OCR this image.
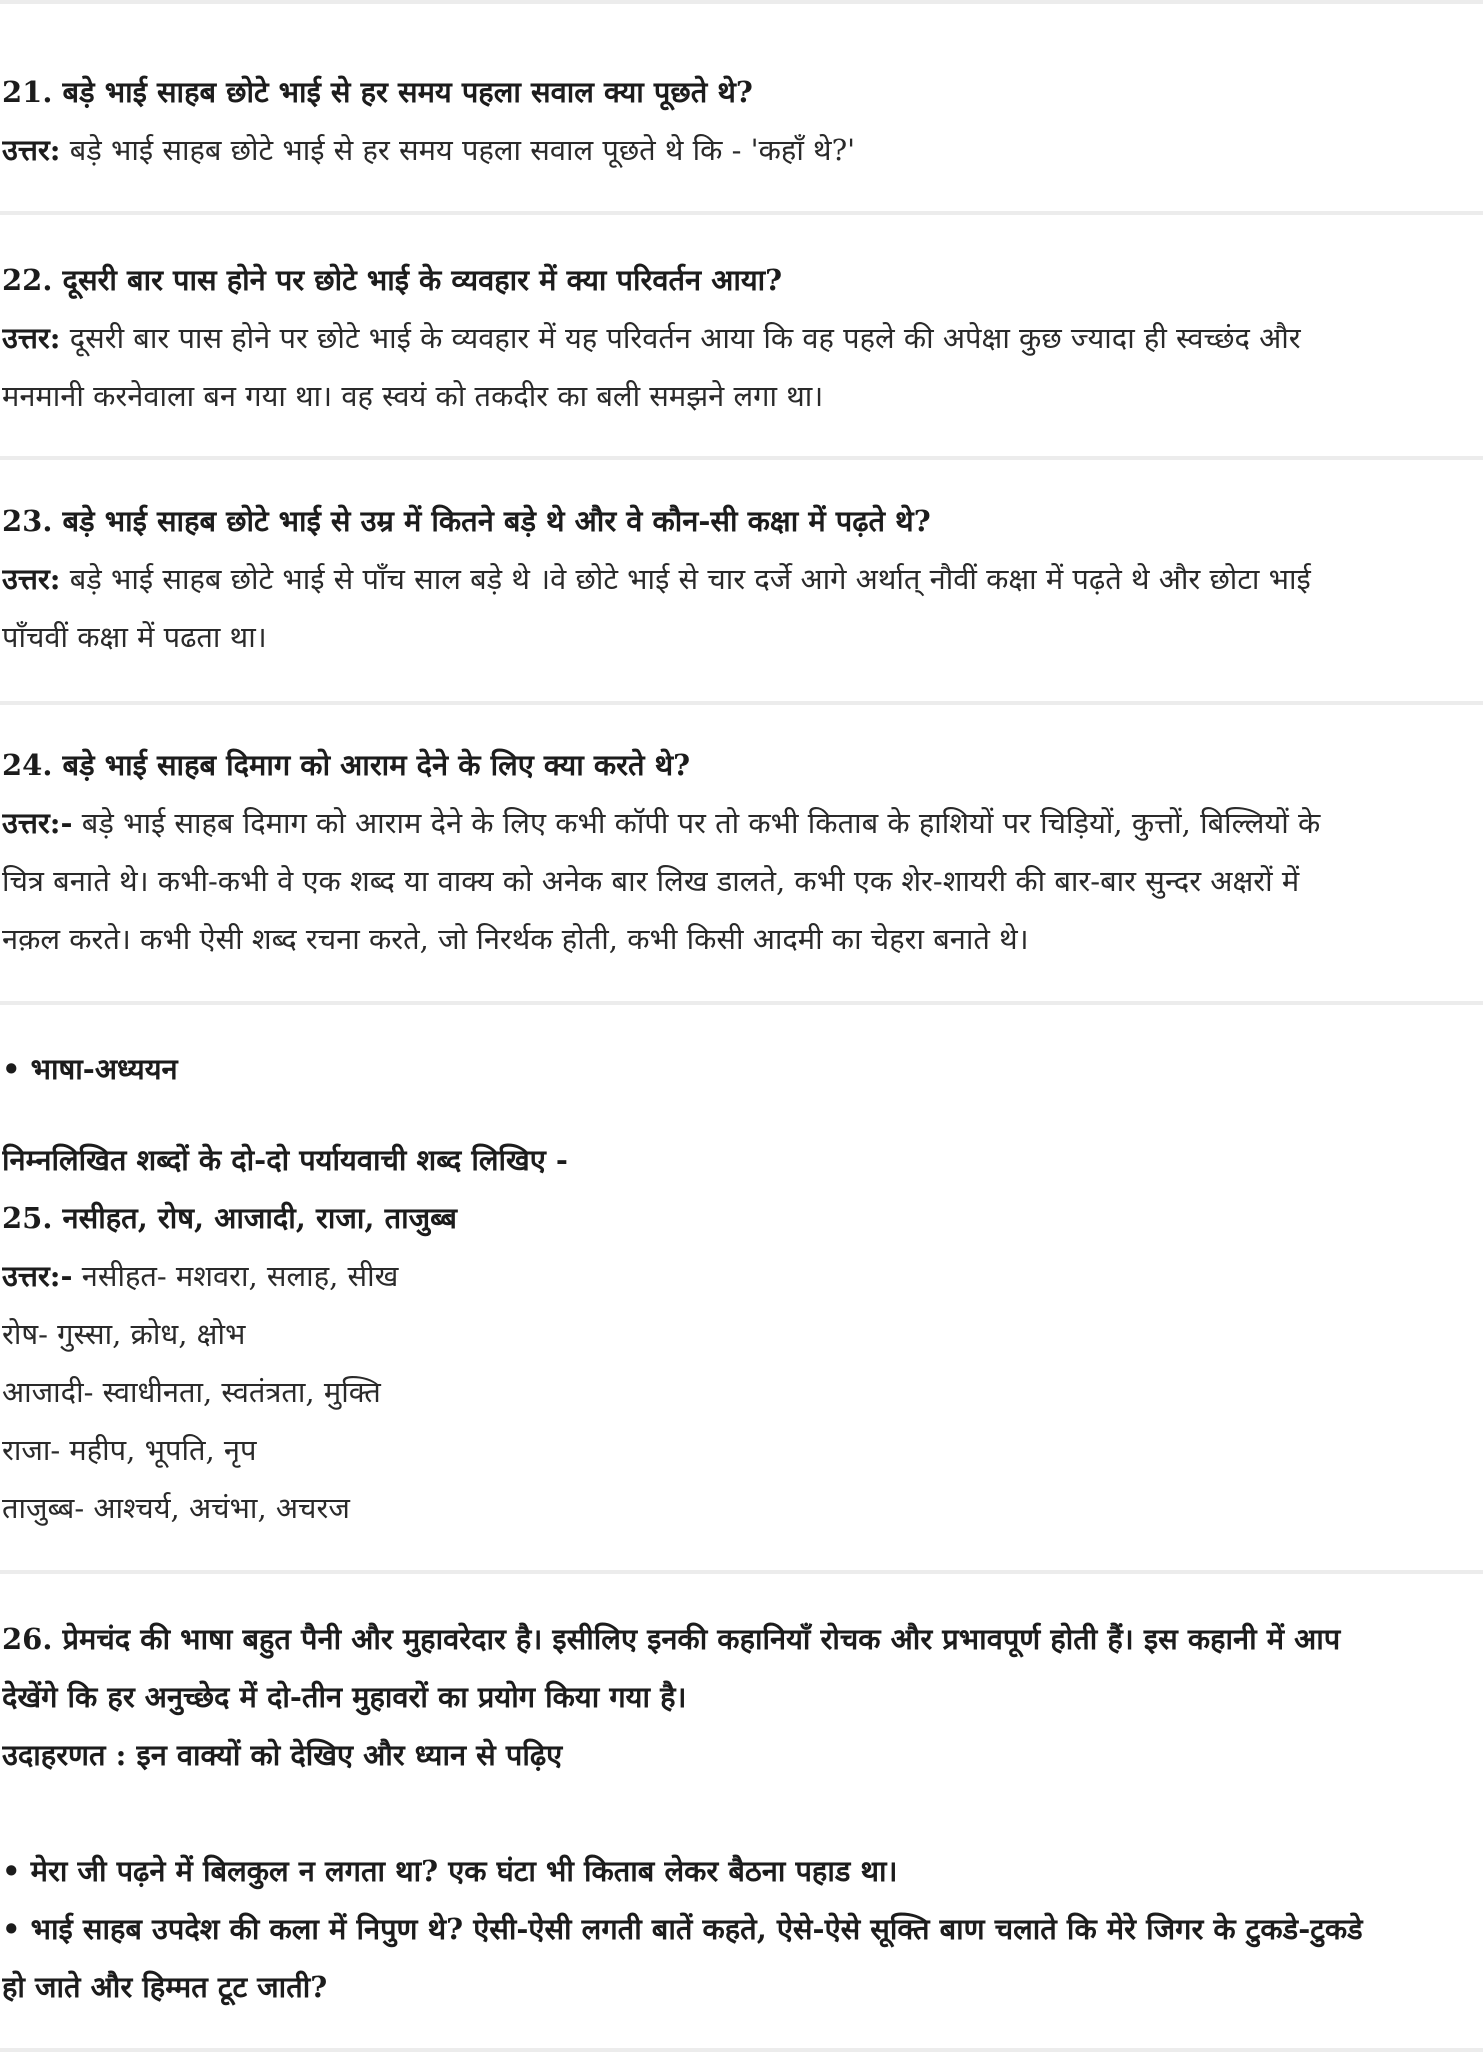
21. बड़े भाई साहब छोटे भाई से हर समय पहला सवाल क्या पूछते थे?
उत्तर: बड़े भाई साहब छोटे भाई से हर समय पहला सवाल पूछते थे कि - 'कहाँ थे?'
22. दूसरी बार पास होने पर छोटे भाई के व्यवहार में क्या परिवर्तन आया?
उत्तर: दूसरी बार पास होने पर छोटे भाई के व्यवहार में यह परिवर्तन आया कि वह पहले की अपेक्षा कुछ ज्यादा ही स्वच्छंद और
मनमानी करनेवाला बन गया था। वह स्वयं को तकदीर का बली समझने लगा था।
23. बड़े भाई साहब छोटे भाई से उम्र में कितने बड़े थे और वे कौन-सी कक्षा में पढ़ते थे?
उत्तर: बड़े भाई साहब छोटे भाई से पाँच साल बड़े थे ।वे छोटे भाई से चार दर्जे आगे अर्थात् नौवीं कक्षा में पढ़ते थे और छोटा भाई
पाँचवीं कक्षा में पढता था।
24. बड़े भाई साहब दिमाग को आराम देने के लिए क्या करते थे?
उत्तर:- बड़े भाई साहब दिमाग को आराम देने के लिए कभी कॉपी पर तो कभी किताब के हाशियों पर चिड़ियों, कुत्तों, बिल्लियों के
चित्र बनाते थे। कभी-कभी वे एक शब्द या वाक्य को अनेक बार लिख डालते, कभी एक शेर-शायरी की बार-बार सुन्दर अक्षरों में
नक़ल करते। कभी ऐसी शब्द रचना करते, जो निरर्थक होती, कभी किसी आदमी का चेहरा बनाते थे।
• भाषा-अध्ययन
निम्नलिखित शब्दों के दो-दो पर्यायवाची शब्द लिखिए -
25. नसीहत, रोष, आजादी, राजा, ताजुब्ब
उत्तर:- नसीहत- मशवरा, सलाह, सीख
रोष- गुस्सा, क्रोध, क्षोभ
आजादी- स्वाधीनता, स्वतंत्रता, मुक्ति
राजा- महीप, भूपति, नृप
ताजुब्ब- आश्चर्य, अचंभा, अचरज
26. प्रेमचंद की भाषा बहुत पैनी और मुहावरेदार है। इसीलिए इनकी कहानियाँ रोचक और प्रभावपूर्ण होती हैं। इस कहानी में आप
देखेंगे कि हर अनुच्छेद में दो-तीन मुहावरों का प्रयोग किया गया है।
उदाहरणत : इन वाक्यों को देखिए और ध्यान से पढ़िए
• मेरा जी पढ़ने में बिलकुल न लगता था? एक घंटा भी किताब लेकर बैठना पहाड था।
• भाई साहब उपदेश की कला में निपुण थे? ऐसी-ऐसी लगती बातें कहते, ऐसे-ऐसे सूक्ति बाण चलाते कि मेरे जिगर के टुकडे-टुकडे
हो जाते और हिम्मत टूट जाती?
